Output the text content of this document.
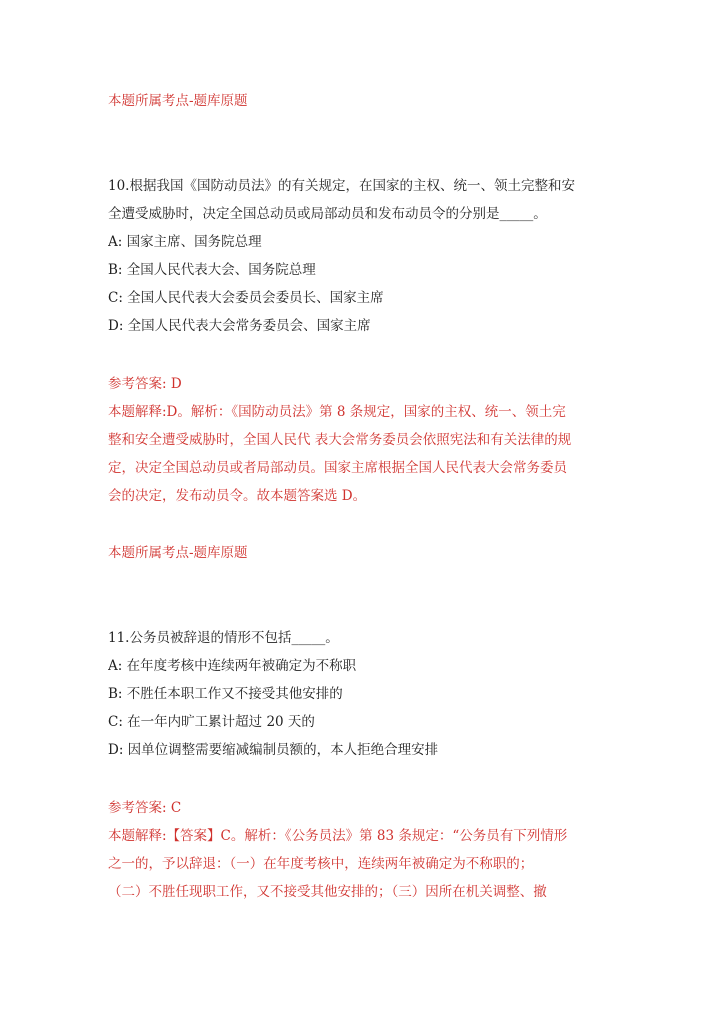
本题所属考点-题库原题
10.根据我国《国防动员法》的有关规定，在国家的主权、统一、领土完整和安
全遭受威胁时，决定全国总动员或局部动员和发布动员令的分别是_____。
A: 国家主席、国务院总理
B: 全国人民代表大会、国务院总理
C: 全国人民代表大会委员会委员长、国家主席
D: 全国人民代表大会常务委员会、国家主席
参考答案: D
本题解释:D。解析：《国防动员法》第 8 条规定，国家的主权、统一、领土完
整和安全遭受威胁时，全国人民代 表大会常务委员会依照宪法和有关法律的规
定，决定全国总动员或者局部动员。国家主席根据全国人民代表大会常务委员
会的决定，发布动员令。故本题答案选 D。
本题所属考点-题库原题
11.公务员被辞退的情形不包括_____。
A: 在年度考核中连续两年被确定为不称职
B: 不胜任本职工作又不接受其他安排的
C: 在一年内旷工累计超过 20 天的
D: 因单位调整需要缩减编制员额的，本人拒绝合理安排
参考答案: C
本题解释:【答案】C。解析：《公务员法》第 83 条规定：“公务员有下列情形
之一的，予以辞退：（一）在年度考核中，连续两年被确定为不称职的；
（二）不胜任现职工作，又不接受其他安排的；（三）因所在机关调整、撤
